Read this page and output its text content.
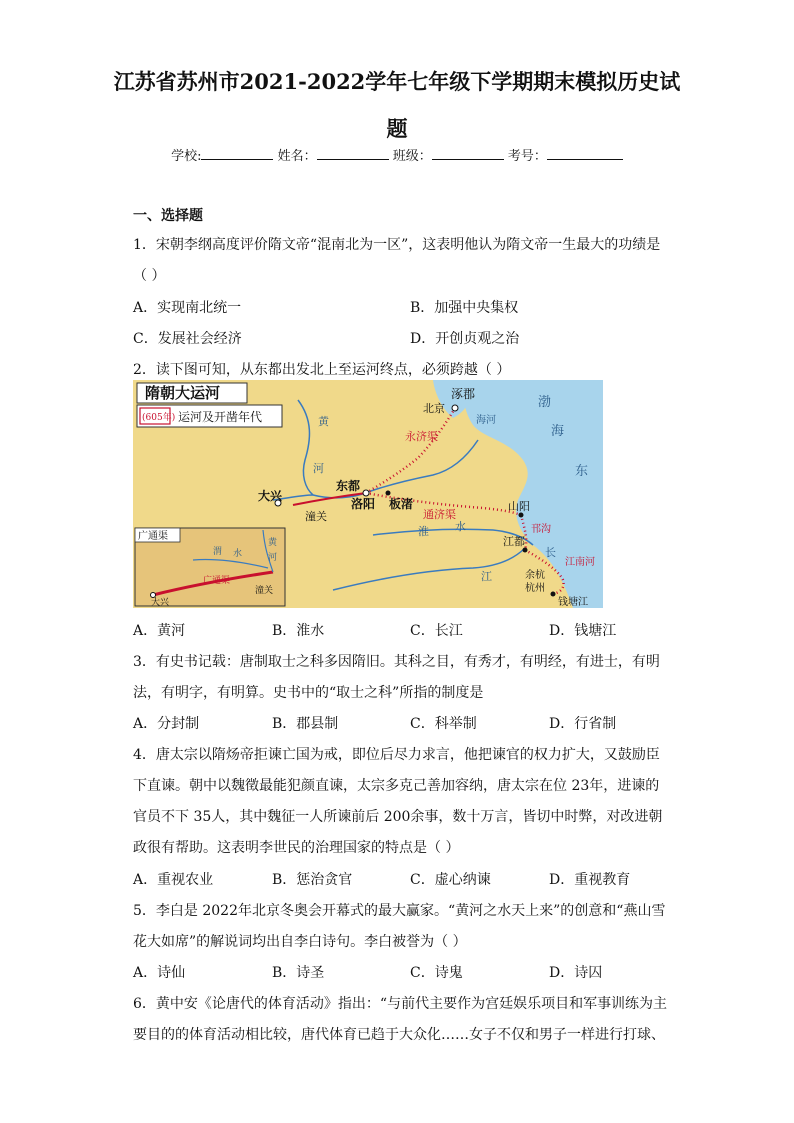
江苏省苏州市2021-2022学年七年级下学期期末模拟历史试
题
学校:	姓名：	班级：	考号：
一、选择题
1．宋朝李纲高度评价隋文帝“混南北为一区”，这表明他认为隋文帝一生最大的功绩是
（ ）
A．实现南北统一	B．加强中央集权
C．发展社会经济	D．开创贞观之治
2．读下图可知，从东都出发北上至运河终点，必须跨越（ ）
隋朝大运河
(605年) 运河及开凿年代
涿郡
北京
海河
渤
海
东
黄
河
大兴
潼关
东都
洛阳 板渚	山阳
江都
余杭
杭州
钱塘江
淮 水
长
江
永济渠
通济渠
邗沟
江南河
广通渠
大兴
潼关
渭 水
广通渠
黄
河
A．黄河	B．淮水	C．长江	D．钱塘江
3．有史书记载：唐制取士之科多因隋旧。其科之目，有秀才，有明经，有进士，有明
法，有明字，有明算。史书中的“取士之科”所指的制度是
A．分封制	B．郡县制	C．科举制	D．行省制
4．唐太宗以隋炀帝拒谏亡国为戒，即位后尽力求言，他把谏官的权力扩大，又鼓励臣
下直谏。朝中以魏徵最能犯颜直谏，太宗多克己善加容纳，唐太宗在位 23年，进谏的
官员不下 35人，其中魏征一人所谏前后 200余事，数十万言，皆切中时弊，对改进朝
政很有帮助。这表明李世民的治理国家的特点是（ ）
A．重视农业	B．惩治贪官	C．虚心纳谏	D．重视教育
5．李白是 2022年北京冬奥会开幕式的最大赢家。“黄河之水天上来”的创意和“燕山雪
花大如席”的解说词均出自李白诗句。李白被誉为（ ）
A．诗仙	B．诗圣	C．诗鬼	D．诗囚
6．黄中安《论唐代的体育活动》指出：“与前代主要作为宫廷娱乐项目和军事训练为主
要目的的体育活动相比较，唐代体育已趋于大众化……女子不仅和男子一样进行打球、
